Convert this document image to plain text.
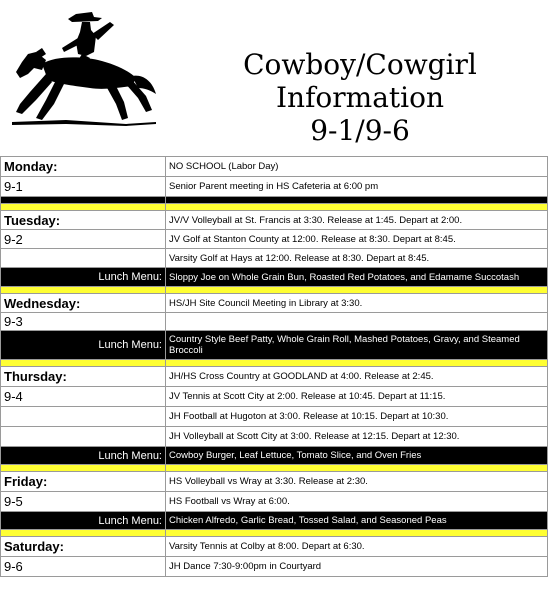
Cowboy/Cowgirl
Information
9-1/9-6
Monday:	NO SCHOOL (Labor Day)
9-1	Senior Parent meeting in HS Cafeteria at 6:00 pm

Tuesday:	JV/V Volleyball at St. Francis at 3:30. Release at 1:45. Depart at 2:00.
9-2	JV Golf at Stanton County at 12:00. Release at 8:30. Depart at 8:45.
	Varsity Golf at Hays at 12:00. Release at 8:30. Depart at 8:45.
Lunch Menu:	Sloppy Joe on Whole Grain Bun, Roasted Red Potatoes, and Edamame Succotash

Wednesday:	HS/JH Site Council Meeting in Library at 3:30.
9-3	
Lunch Menu:	Country Style Beef Patty, Whole Grain Roll, Mashed Potatoes, Gravy, and Steamed Broccoli

Thursday:	JH/HS Cross Country at GOODLAND at 4:00. Release at 2:45.
9-4	JV Tennis at Scott City at 2:00. Release at 10:45. Depart at 11:15.
	JH Football at Hugoton at 3:00. Release at 10:15. Depart at 10:30.
	JH Volleyball at Scott City at 3:00. Release at 12:15. Depart at 12:30.
Lunch Menu:	Cowboy Burger, Leaf Lettuce, Tomato Slice, and Oven Fries

Friday:	HS Volleyball vs Wray at 3:30. Release at 2:30.
9-5	HS Football vs Wray at 6:00.
Lunch Menu:	Chicken Alfredo, Garlic Bread, Tossed Salad, and Seasoned Peas

Saturday:	Varsity Tennis at Colby at 8:00. Depart at 6:30.
9-6	JH Dance 7:30-9:00pm in Courtyard
